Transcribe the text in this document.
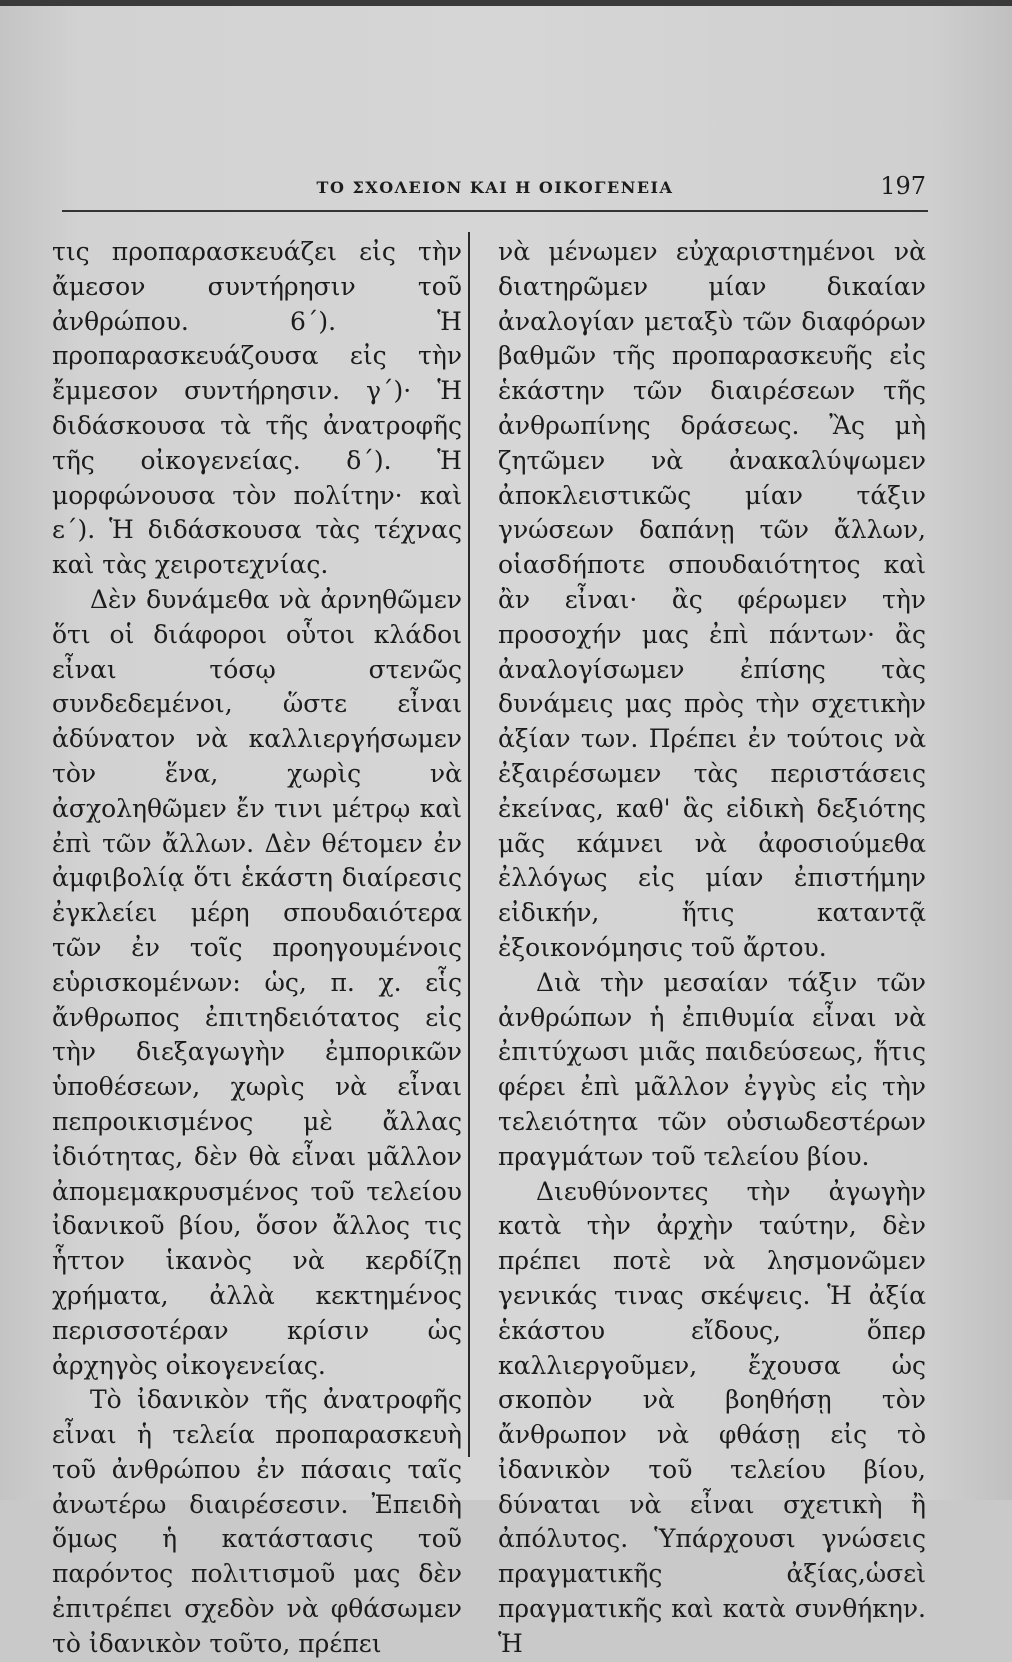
ΤΟ ΣΧΟΛΕΙΟΝ ΚΑΙ Η ΟΙΚΟΓΕΝΕΙΑ	197

τις προπαρασκευάζει εἰς τὴν ἄμεσον συντήρησιν τοῦ ἀνθρώπου. 6΄). Ἡ προπαρασκευάζουσα εἰς τὴν ἔμμεσον συντήρησιν. γ΄)· Ἡ διδάσκουσα τὰ τῆς ἀνατροφῆς τῆς οἰκογενείας. δ΄). Ἡ μορφώνουσα τὸν πολίτην· καὶ ε΄). Ἡ διδάσκουσα τὰς τέχνας καὶ τὰς χειροτεχνίας.

Δὲν δυνάμεθα νὰ ἀρνηθῶμεν ὅτι οἱ διάφοροι οὗτοι κλάδοι εἶναι τόσῳ στενῶς συνδεδεμένοι, ὥστε εἶναι ἀδύνατον νὰ καλλιεργήσωμεν τὸν ἕνα, χωρὶς νὰ ἀσχοληθῶμεν ἔν τινι μέτρῳ καὶ ἐπὶ τῶν ἄλλων. Δὲν θέτομεν ἐν ἀμφιβολίᾳ ὅτι ἑκάστη διαίρεσις ἐγκλείει μέρη σπουδαιότερα τῶν ἐν τοῖς προηγουμένοις εὑρισκομένων: ὡς, π. χ. εἷς ἄνθρωπος ἐπιτηδειότατος εἰς τὴν διεξαγωγὴν ἐμπορικῶν ὑποθέσεων, χωρὶς νὰ εἶναι πεπροικισμένος μὲ ἄλλας ἰδιότητας, δὲν θὰ εἶναι μᾶλλον ἀπομεμακρυσμένος τοῦ τελείου ἰδανικοῦ βίου, ὅσον ἄλλος τις ἧττον ἱκανὸς νὰ κερδίζῃ χρήματα, ἀλλὰ κεκτημένος περισσοτέραν κρίσιν ὡς ἀρχηγὸς οἰκογενείας.

Τὸ ἰδανικὸν τῆς ἀνατροφῆς εἶναι ἡ τελεία προπαρασκευὴ τοῦ ἀνθρώπου ἐν πάσαις ταῖς ἀνωτέρω διαιρέσεσιν. Ἐπειδὴ ὅμως ἡ κατάστασις τοῦ παρόντος πολιτισμοῦ μας δὲν ἐπιτρέπει σχεδὸν νὰ φθάσωμεν τὸ ἰδανικὸν τοῦτο, πρέπει

νὰ μένωμεν εὐχαριστημένοι νὰ διατηρῶμεν μίαν δικαίαν ἀναλογίαν μεταξὺ τῶν διαφόρων βαθμῶν τῆς προπαρασκευῆς εἰς ἑκάστην τῶν διαιρέσεων τῆς ἀνθρωπίνης δράσεως. Ἂς μὴ ζητῶμεν νὰ ἀνακαλύψωμεν ἀποκλειστικῶς μίαν τάξιν γνώσεων δαπάνῃ τῶν ἄλλων, οἱασδήποτε σπουδαιότητος καὶ ἂν εἶναι· ἂς φέρωμεν τὴν προσοχήν μας ἐπὶ πάντων· ἂς ἀναλογίσωμεν ἐπίσης τὰς δυνάμεις μας πρὸς τὴν σχετικὴν ἀξίαν των. Πρέπει ἐν τούτοις νὰ ἐξαιρέσωμεν τὰς περιστάσεις ἐκείνας, καθ' ἃς εἰδικὴ δεξιότης μᾶς κάμνει νὰ ἀφοσιούμεθα ἐλλόγως εἰς μίαν ἐπιστήμην εἰδικήν, ἥτις καταντᾷ ἐξοικονόμησις τοῦ ἄρτου.

Διὰ τὴν μεσαίαν τάξιν τῶν ἀνθρώπων ἡ ἐπιθυμία εἶναι νὰ ἐπιτύχωσι μιᾶς παιδεύσεως, ἥτις φέρει ἐπὶ μᾶλλον ἐγγὺς εἰς τὴν τελειότητα τῶν οὐσιωδεστέρων πραγμάτων τοῦ τελείου βίου.

Διευθύνοντες τὴν ἀγωγὴν κατὰ τὴν ἀρχὴν ταύτην, δὲν πρέπει ποτὲ νὰ λησμονῶμεν γενικάς τινας σκέψεις. Ἡ ἀξία ἑκάστου εἴδους, ὅπερ καλλιεργοῦμεν, ἔχουσα ὡς σκοπὸν νὰ βοηθήσῃ τὸν ἄνθρωπον νὰ φθάσῃ εἰς τὸ ἰδανικὸν τοῦ τελείου βίου, δύναται νὰ εἶναι σχετικὴ ἢ ἀπόλυτος. Ὑπάρχουσι γνώσεις πραγματικῆς ἀξίας,ὡσεὶ πραγματικῆς καὶ κατὰ συνθήκην. Ἡ
